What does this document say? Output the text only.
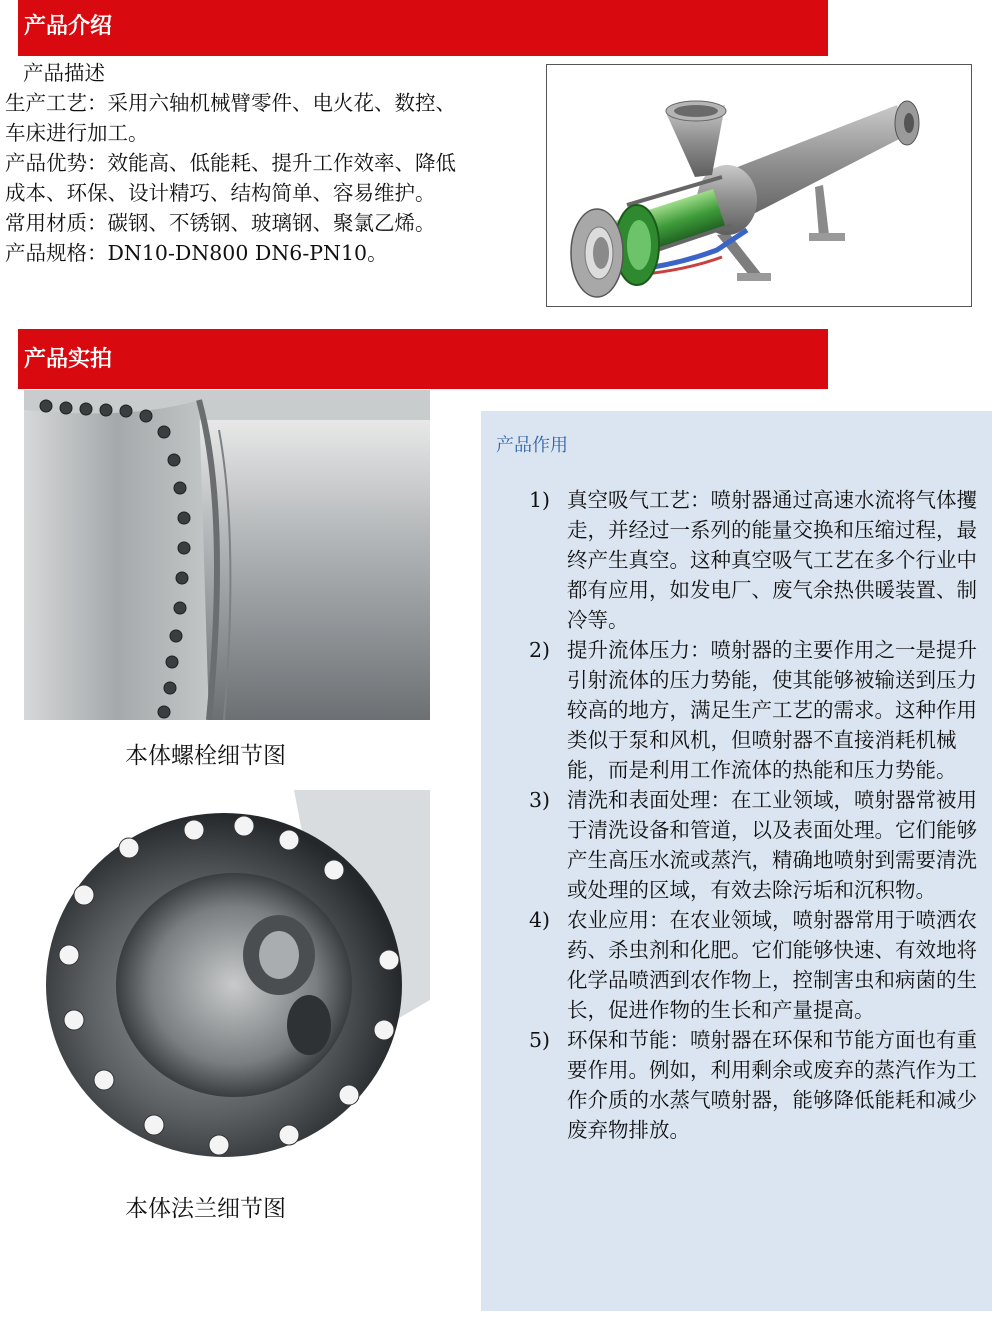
产品介绍

产品描述

生产工艺：采用六轴机械臂零件、电火花、数控、

车床进行加工。

产品优势：效能高、低能耗、提升工作效率、降低

成本、环保、设计精巧、结构简单、容易维护。

常用材质：碳钢、不锈钢、玻璃钢、聚氯乙烯。

产品规格：DN10-DN800 DN6-PN10。

产品实拍
本体螺栓细节图
本体法兰细节图
产品作用
1) 真空吸气工艺：喷射器通过高速水流将气体攫走，并经过一系列的能量交换和压缩过程，最终产生真空。这种真空吸气工艺在多个行业中都有应用，如发电厂、废气余热供暖装置、制冷等。
2) 提升流体压力：喷射器的主要作用之一是提升引射流体的压力势能，使其能够被输送到压力较高的地方，满足生产工艺的需求。这种作用类似于泵和风机，但喷射器不直接消耗机械能，而是利用工作流体的热能和压力势能。
3) 清洗和表面处理：在工业领域，喷射器常被用于清洗设备和管道，以及表面处理。它们能够产生高压水流或蒸汽，精确地喷射到需要清洗或处理的区域，有效去除污垢和沉积物。
4) 农业应用：在农业领域，喷射器常用于喷洒农药、杀虫剂和化肥。它们能够快速、有效地将化学品喷洒到农作物上，控制害虫和病菌的生长，促进作物的生长和产量提高。
5) 环保和节能：喷射器在环保和节能方面也有重要作用。例如，利用剩余或废弃的蒸汽作为工作介质的水蒸气喷射器，能够降低能耗和减少废弃物排放。
